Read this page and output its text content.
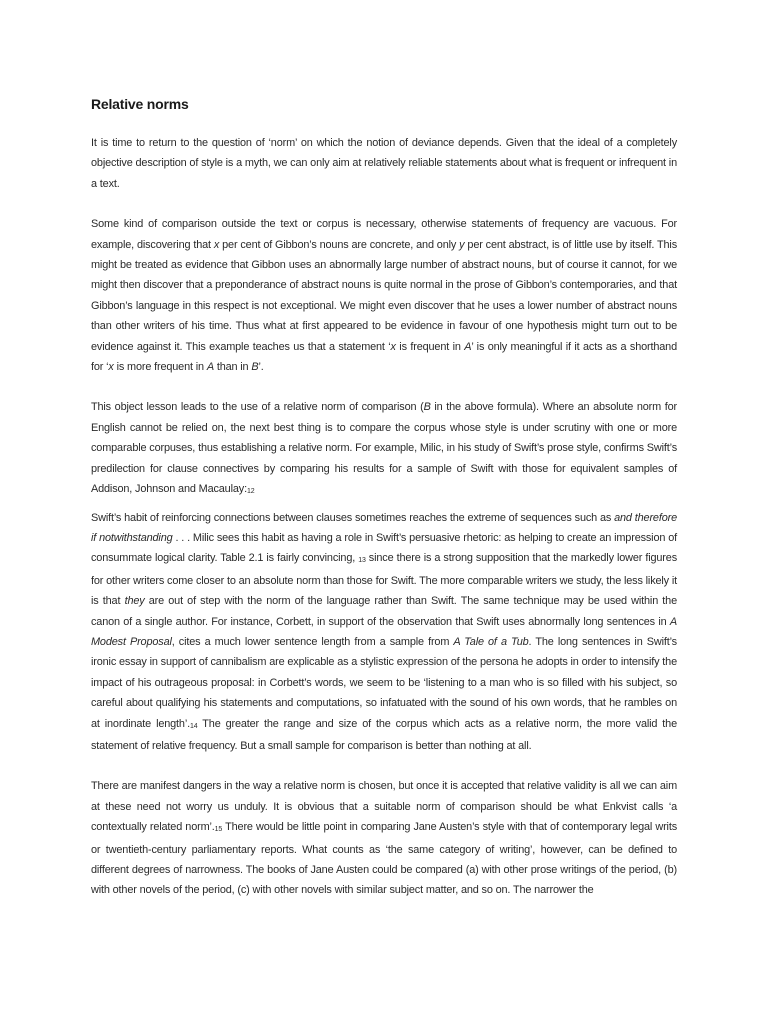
Relative norms

It is time to return to the question of ‘norm’ on which the notion of deviance depends. Given that the ideal of a completely objective description of style is a myth, we can only aim at relatively reliable statements about what is frequent or infrequent in a text.

Some kind of comparison outside the text or corpus is necessary, otherwise statements of frequency are vacuous. For example, discovering that x per cent of Gibbon’s nouns are concrete, and only y per cent abstract, is of little use by itself. This might be treated as evidence that Gibbon uses an abnormally large number of abstract nouns, but of course it cannot, for we might then discover that a preponderance of abstract nouns is quite normal in the prose of Gibbon’s contemporaries, and that Gibbon’s language in this respect is not exceptional. We might even discover that he uses a lower number of abstract nouns than other writers of his time. Thus what at first appeared to be evidence in favour of one hypothesis might turn out to be evidence against it. This example teaches us that a statement ‘x is frequent in A’ is only meaningful if it acts as a shorthand for ‘x is more frequent in A than in B’.

This object lesson leads to the use of a relative norm of comparison (B in the above formula). Where an absolute norm for English cannot be relied on, the next best thing is to compare the corpus whose style is under scrutiny with one or more comparable corpuses, thus establishing a relative norm. For example, Milic, in his study of Swift’s prose style, confirms Swift’s predilection for clause connectives by comparing his results for a sample of Swift with those for equivalent samples of Addison, Johnson and Macaulay:12

Swift’s habit of reinforcing connections between clauses sometimes reaches the extreme of sequences such as and therefore if notwithstanding . . . Milic sees this habit as having a role in Swift’s persuasive rhetoric: as helping to create an impression of consummate logical clarity. Table 2.1 is fairly convincing, 13 since there is a strong supposition that the markedly lower figures for other writers come closer to an absolute norm than those for Swift. The more comparable writers we study, the less likely it is that they are out of step with the norm of the language rather than Swift. The same technique may be used within the canon of a single author. For instance, Corbett, in support of the observation that Swift uses abnormally long sentences in A Modest Proposal, cites a much lower sentence length from a sample from A Tale of a Tub. The long sentences in Swift’s ironic essay in support of cannibalism are explicable as a stylistic expression of the persona he adopts in order to intensify the impact of his outrageous proposal: in Corbett’s words, we seem to be ‘listening to a man who is so filled with his subject, so careful about qualifying his statements and computations, so infatuated with the sound of his own words, that he rambles on at inordinate length’.14 The greater the range and size of the corpus which acts as a relative norm, the more valid the statement of relative frequency. But a small sample for comparison is better than nothing at all.

There are manifest dangers in the way a relative norm is chosen, but once it is accepted that relative validity is all we can aim at these need not worry us unduly. It is obvious that a suitable norm of comparison should be what Enkvist calls ‘a contextually related norm’.15 There would be little point in comparing Jane Austen’s style with that of contemporary legal writs or twentieth-century parliamentary reports. What counts as ‘the same category of writing’, however, can be defined to different degrees of narrowness. The books of Jane Austen could be compared (a) with other prose writings of the period, (b) with other novels of the period, (c) with other novels with similar subject matter, and so on. The narrower the
